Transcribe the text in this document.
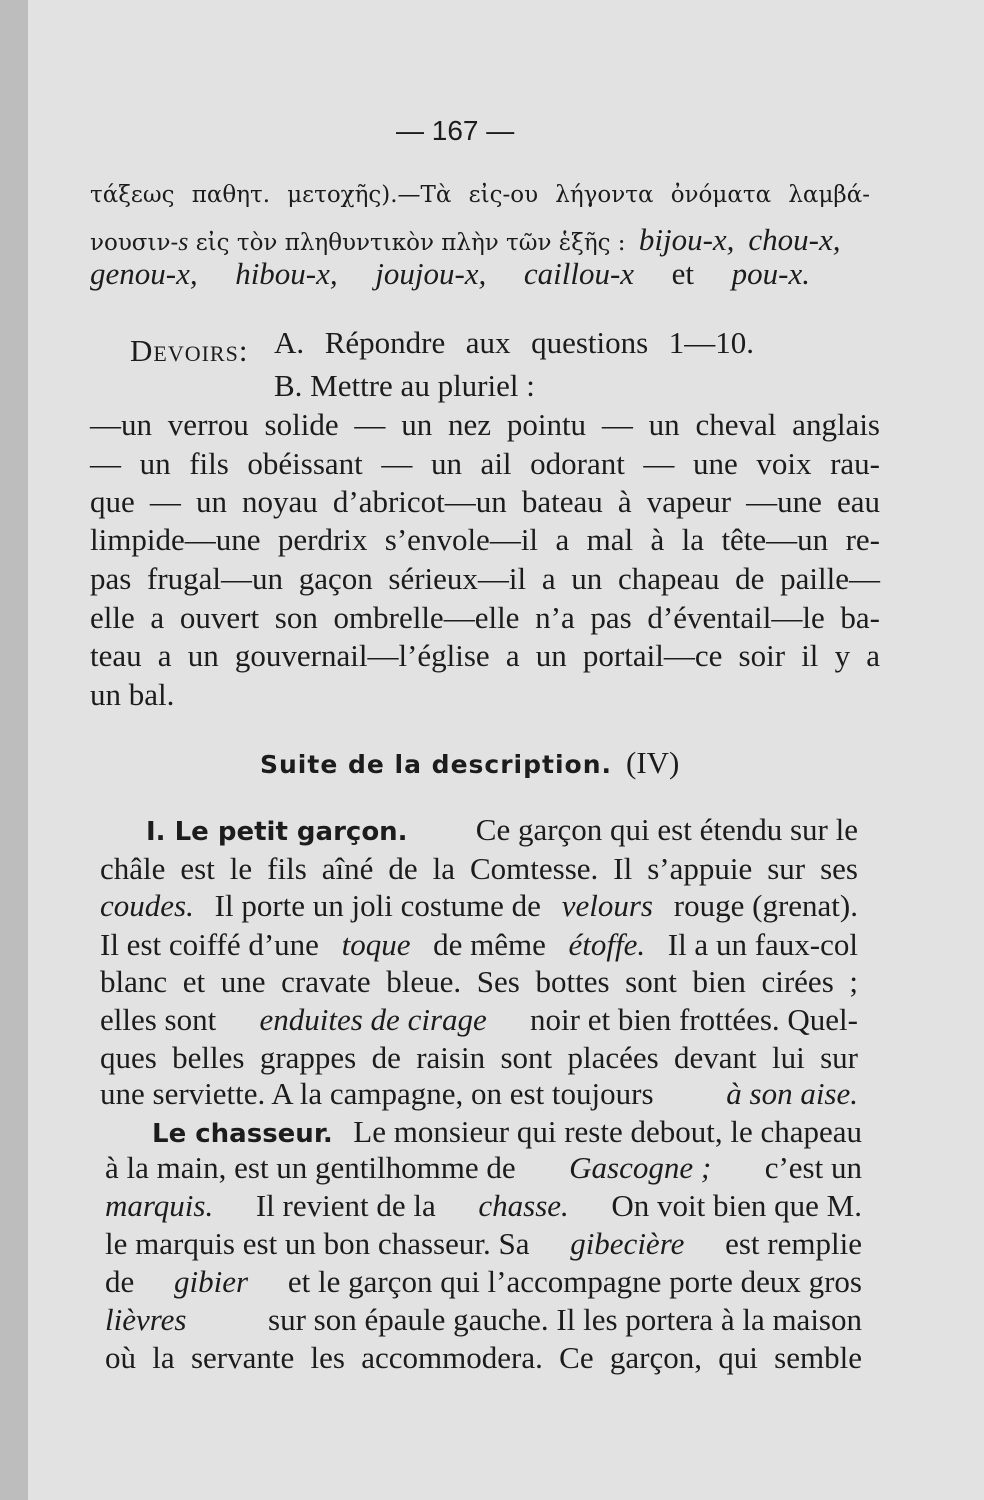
— 167 —
τάξεως παθητ. μετοχῆς).—Τὰ εἰς-ου λήγοντα ὀνόματα λαμβά-
νουσιν- s εἰς τὸν πληθυντικὸν πλὴν τῶν ἑξῆς : bijou-x, chou-x,
genou-x, hibou-x, joujou-x, caillou-x et pou-x.
Devoirs: A. Répondre aux questions 1—10.
B. Mettre au pluriel :
—un verrou solide — un nez pointu — un cheval anglais
— un fils obéissant — un ail odorant — une voix rau-
que — un noyau d’abricot—un bateau à vapeur —une eau
limpide—une perdrix s’envole—il a mal à la tête—un re-
pas frugal—un gaçon sérieux—il a un chapeau de paille—
elle a ouvert son ombrelle—elle n’a pas d’éventail—le ba-
teau a un gouvernail—l’église a un portail—ce soir il y a
un bal.
Suite de la description. (IV)
I. Le petit garçon. Ce garçon qui est étendu sur le
châle est le fils aîné de la Comtesse. Il s’appuie sur ses
coudes. Il porte un joli costume de velours rouge (grenat).
Il est coiffé d’une toque de même étoffe. Il a un faux-col
blanc et une cravate bleue. Ses bottes sont bien cirées ;
elles sont enduites de cirage noir et bien frottées. Quel-
ques belles grappes de raisin sont placées devant lui sur
une serviette. A la campagne, on est toujours à son aise.
Le chasseur. Le monsieur qui reste debout, le chapeau
à la main, est un gentilhomme de Gascogne ; c’est un
marquis. Il revient de la chasse. On voit bien que M.
le marquis est un bon chasseur. Sa gibecière est remplie
de gibier et le garçon qui l’accompagne porte deux gros
lièvres	sur son épaule gauche. Il les portera à la maison
où la servante les accommodera. Ce garçon, qui semble
